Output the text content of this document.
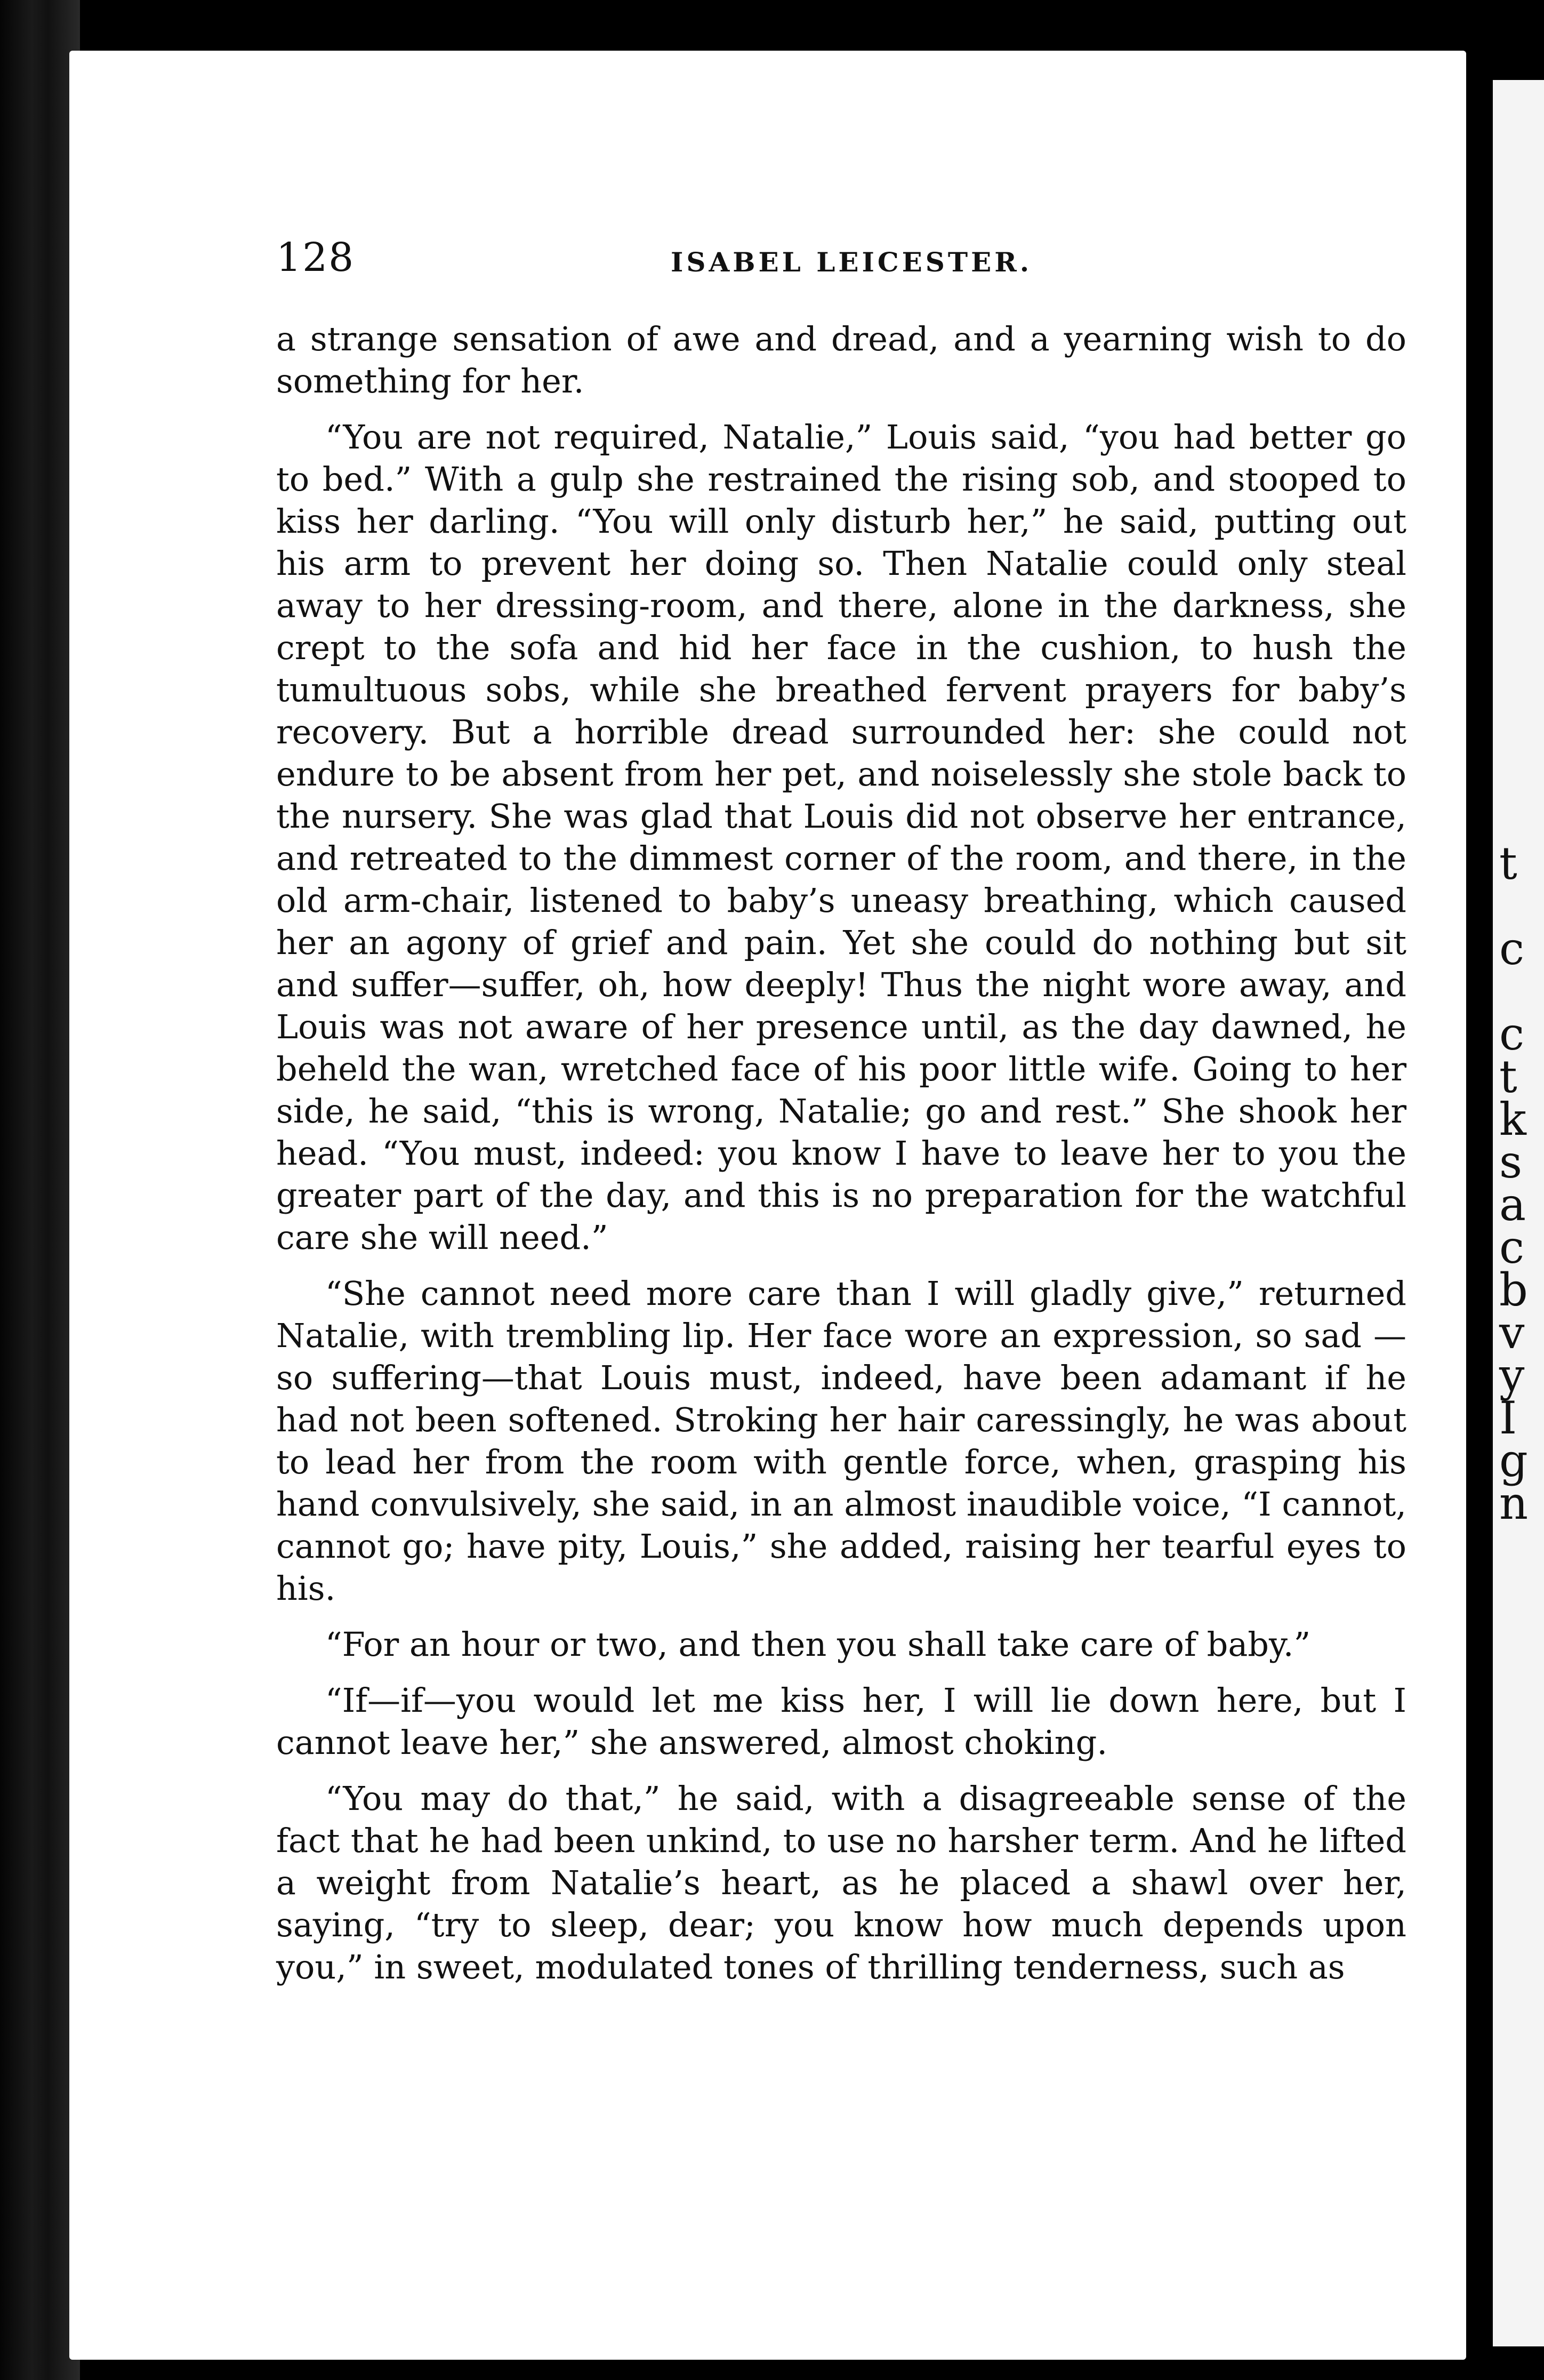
t
c
c
t
k
s
a
c
b
v
y
I
g
n
128	ISABEL LEICESTER.

a strange sensation of awe and dread, and a yearning wish to do something for her.

“You are not required, Natalie,” Louis said, “you had better go to bed.” With a gulp she restrained the rising sob, and stooped to kiss her darling. “You will only disturb her,” he said, putting out his arm to prevent her doing so. Then Natalie could only steal away to her dressing-room, and there, alone in the darkness, she crept to the sofa and hid her face in the cushion, to hush the tumultuous sobs, while she breathed fervent prayers for baby’s recovery. But a horrible dread surrounded her: she could not endure to be absent from her pet, and noiselessly she stole back to the nursery. She was glad that Louis did not observe her entrance, and retreated to the dimmest corner of the room, and there, in the old arm-chair, listened to baby’s uneasy breathing, which caused her an agony of grief and pain. Yet she could do nothing but sit and suffer—suffer, oh, how deeply! Thus the night wore away, and Louis was not aware of her presence until, as the day dawned, he beheld the wan, wretched face of his poor little wife. Going to her side, he said, “this is wrong, Natalie; go and rest.” She shook her head. “You must, indeed: you know I have to leave her to you the greater part of the day, and this is no preparation for the watchful care she will need.”

“She cannot need more care than I will gladly give,” returned Natalie, with trembling lip. Her face wore an expression, so sad —so suffering—that Louis must, indeed, have been adamant if he had not been softened. Stroking her hair caressingly, he was about to lead her from the room with gentle force, when, grasping his hand convulsively, she said, in an almost inaudible voice, “I cannot, cannot go; have pity, Louis,” she added, raising her tearful eyes to his.

“For an hour or two, and then you shall take care of baby.”

“If—if—you would let me kiss her, I will lie down here, but I cannot leave her,” she answered, almost choking.

“You may do that,” he said, with a disagreeable sense of the fact that he had been unkind, to use no harsher term. And he lifted a weight from Natalie’s heart, as he placed a shawl over her, saying, “try to sleep, dear; you know how much depends upon you,” in sweet, modulated tones of thrilling tenderness, such as
